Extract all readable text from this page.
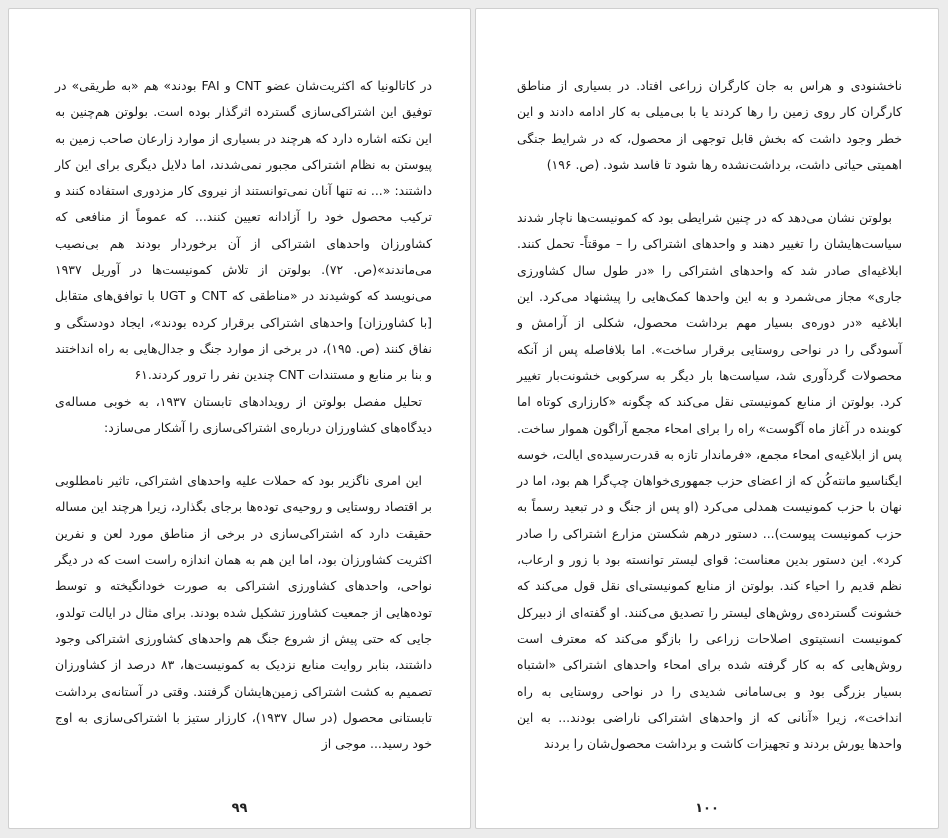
در کاتالونیا که اکثریت‌شان عضو CNT و FAI بودند» هم «به طریقی» در توفیق این اشتراکی‌سازی گسترده اثرگذار بوده است. بولوتن هم‌چنین به این نکته اشاره دارد که هرچند در بسیاری از موارد زارعان صاحب زمین به پیوستن به نظام اشتراکی مجبور نمی‌شدند، اما دلایل دیگری برای این کار داشتند: «... نه تنها آنان نمی‌توانستند از نیروی کار مزدوری استفاده کنند و ترکیب محصول خود را آزادانه تعیین کنند... که عموماً از منافعی که کشاورزان واحدهای اشتراکی از آن برخوردار بودند هم بی‌نصیب می‌ماندند»(ص. ۷۲). بولوتن از تلاش کمونیست‌ها در آوریل ۱۹۳۷ می‌نویسد که کوشیدند در «مناطقی که CNT و UGT با توافق‌های متقابل [با کشاورزان] واحدهای اشتراکی برقرار کرده بودند»، ایجاد دودستگی و نفاق کنند (ص. ۱۹۵)، در برخی از موارد جنگ و جدال‌هایی به راه انداختند و بنا بر منابع و مستندات CNT چندین نفر را ترور کردند.۶۱

تحلیل مفصل بولوتن از رویدادهای تابستان ۱۹۳۷، به خوبی مساله‌ی دیدگاه‌های کشاورزان درباره‌ی اشتراکی‌سازی را آشکار می‌سازد:

این امری ناگزیر بود که حملات علیه واحدهای اشتراکی، تاثیر نامطلوبی بر اقتصاد روستایی و روحیه‌ی توده‌ها برجای بگذارد، زیرا هرچند این مساله حقیقت دارد که اشتراکی‌سازی در برخی از مناطق مورد لعن و نفرین اکثریت کشاورزان بود، اما این هم به همان اندازه راست است که در دیگر نواحی، واحدهای کشاورزی اشتراکی به صورت خودانگیخته و توسط توده‌هایی از جمعیت کشاورز تشکیل شده بودند. برای مثال در ایالت تولدو، جایی که حتی پیش از شروع جنگ هم واحدهای کشاورزی اشتراکی وجود داشتند، بنابر روایت منابع نزدیک به کمونیست‌ها، ۸۳ درصد از کشاورزان تصمیم به کشت اشتراکی زمین‌هایشان گرفتند. وقتی در آستانه‌ی برداشت تابستانی محصول (در سال ۱۹۳۷)، کارزار ستیز با اشتراکی‌سازی به اوج خود رسید... موجی از

۹۹

ناخشنودی و هراس به جان کارگران زراعی افتاد. در بسیاری از مناطق کارگران کار روی زمین را رها کردند یا با بی‌میلی به کار ادامه دادند و این خطر وجود داشت که بخش قابل توجهی از محصول، که در شرایط جنگی اهمیتی حیاتی داشت، برداشت‌نشده رها شود تا فاسد شود. (ص. ۱۹۶)

بولوتن نشان می‌دهد که در چنین شرایطی بود که کمونیست‌ها ناچار شدند سیاست‌هایشان را تغییر دهند و واحدهای اشتراکی را – موقتاً- تحمل کنند. ابلاغیه‌ای صادر شد که واحدهای اشتراکی را «در طول سال کشاورزی جاری» مجاز می‌شمرد و به این واحدها کمک‌هایی را پیشنهاد می‌کرد. این ابلاغیه «در دوره‌ی بسیار مهم برداشت محصول، شکلی از آرامش و آسودگی را در نواحی روستایی برقرار ساخت». اما بلافاصله پس از آنکه محصولات گردآوری شد، سیاست‌ها بار دیگر به سرکوبی خشونت‌بار تغییر کرد. بولوتن از منابع کمونیستی نقل می‌کند که چگونه «کارزاری کوتاه اما کوبنده در آغاز ماه آگوست» راه را برای امحاء مجمع آراگون هموار ساخت. پس از ابلاغیه‌ی امحاء مجمع، «فرماندار تازه به قدرت‌رسیده‌ی ایالت، خوسه ایگناسیو مانته‌کُن که از اعضای حزب جمهوری‌خواهان چپ‌گرا هم بود، اما در نهان با حزب کمونیست همدلی می‌کرد (او پس از جنگ و در تبعید رسماً به حزب کمونیست پیوست)... دستور درهم شکستن مزارع اشتراکی را صادر کرد». این دستور بدین معناست: قوای لیستر توانسته بود با زور و ارعاب، نظم قدیم را احیاء کند. بولوتن از منابع کمونیستی‌ای نقل قول می‌کند که خشونت گسترده‌ی روش‌های لیستر را تصدیق می‌کنند. او گفته‌ای از دبیرکل کمونیست انستیتوی اصلاحات زراعی را بازگو می‌کند که معترف است روش‌هایی که به کار گرفته شده برای امحاء واحدهای اشتراکی «اشتباه بسیار بزرگی بود و بی‌سامانی شدیدی را در نواحی روستایی به راه انداخت»، زیرا «آنانی که از واحدهای اشتراکی ناراضی بودند... به این واحدها یورش بردند و تجهیزات کاشت و برداشت محصول‌شان را بردند

۱۰۰
